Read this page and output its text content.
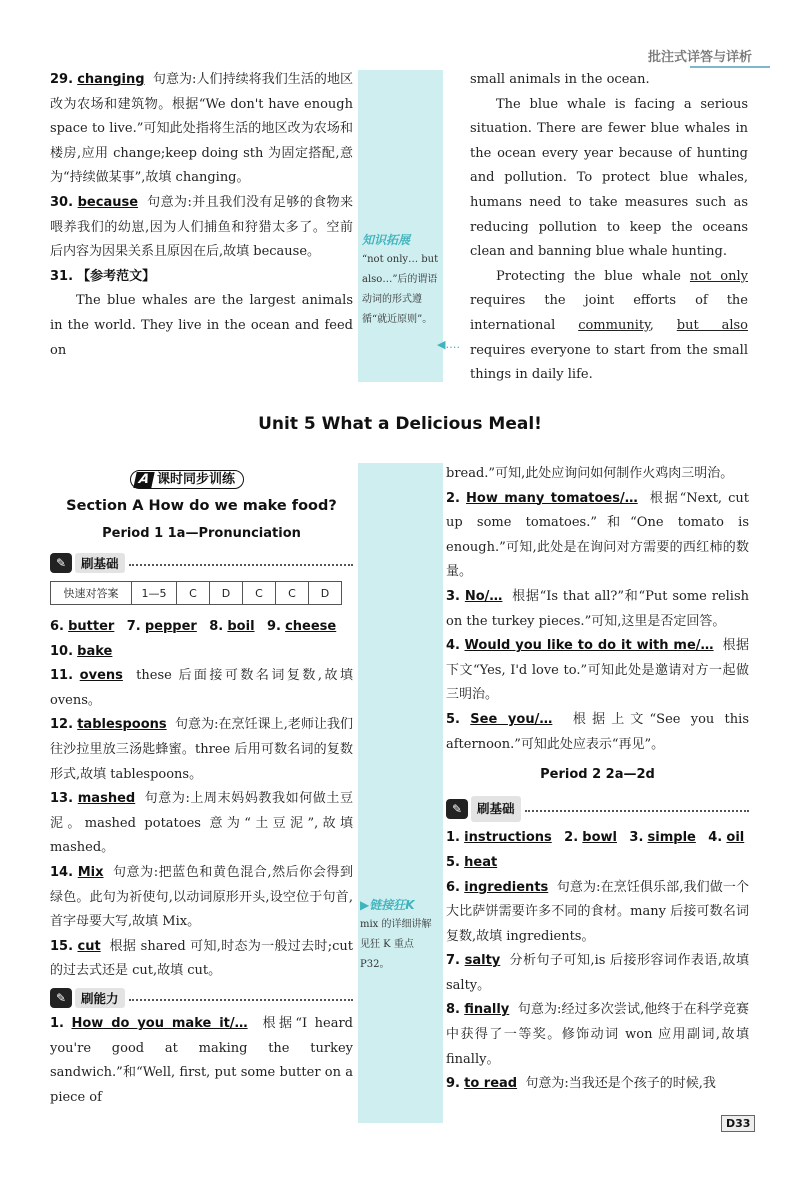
批注式详答与详析
知识拓展
“not only… but also…”后的谓语动词的形式遵循“就近原则”。
◀‥‥

29. changing 句意为:人们持续将我们生活的地区改为农场和建筑物。根据“We don't have enough space to live.”可知此处指将生活的地区改为农场和楼房,应用 change;keep doing sth 为固定搭配,意为“持续做某事”,故填 changing。

30. because 句意为:并且我们没有足够的食物来喂养我们的幼崽,因为人们捕鱼和狩猎太多了。空前后内容为因果关系且原因在后,故填 because。

31. 【参考范文】

The blue whales are the largest animals in the world. They live in the ocean and feed on

small animals in the ocean.

The blue whale is facing a serious situation. There are fewer blue whales in the ocean every year because of hunting and pollution. To protect blue whales, humans need to take measures such as reducing pollution to keep the oceans clean and banning blue whale hunting.

Protecting the blue whale not only requires the joint efforts of the international community, but also requires everyone to start from the small things in daily life.

Unit 5 What a Delicious Meal!
A 课时同步训练
Section A How do we make food?
Period 1 1a—Pronunciation
✎	刷基础
快速对答案	1—5	C	D	C	C	D

6. butter 7. pepper 8. boil 9. cheese

10. bake

11. ovens these 后面接可数名词复数,故填 ovens。

12. tablespoons 句意为:在烹饪课上,老师让我们往沙拉里放三汤匙蜂蜜。three 后用可数名词的复数形式,故填 tablespoons。

13. mashed 句意为:上周末妈妈教我如何做土豆泥。mashed potatoes 意为“土豆泥”,故填 mashed。

14. Mix 句意为:把蓝色和黄色混合,然后你会得到绿色。此句为祈使句,以动词原形开头,设空位于句首,首字母要大写,故填 Mix。

15. cut 根据 shared 可知,时态为一般过去时;cut 的过去式还是 cut,故填 cut。

✎	刷能力

1. How do you make it/… 根据“I heard you're good at making the turkey sandwich.”和“Well, first, put some butter on a piece of

▶链接狂K
mix 的详细讲解见狂 K 重点 P32。

bread.”可知,此处应询问如何制作火鸡肉三明治。

2. How many tomatoes/… 根据“Next, cut up some tomatoes.”和“One tomato is enough.”可知,此处是在询问对方需要的西红柿的数量。

3. No/… 根据“Is that all?”和“Put some relish on the turkey pieces.”可知,这里是否定回答。

4. Would you like to do it with me/… 根据下文“Yes, I'd love to.”可知此处是邀请对方一起做三明治。

5. See you/… 根据上文“See you this afternoon.”可知此处应表示“再见”。

Period 2 2a—2d
✎	刷基础

1. instructions 2. bowl 3. simple 4. oil

5. heat

6. ingredients 句意为:在烹饪俱乐部,我们做一个大比萨饼需要许多不同的食材。many 后接可数名词复数,故填 ingredients。

7. salty 分析句子可知,is 后接形容词作表语,故填 salty。

8. finally 句意为:经过多次尝试,他终于在科学竞赛中获得了一等奖。修饰动词 won 应用副词,故填 finally。

9. to read 句意为:当我还是个孩子的时候,我

D33
